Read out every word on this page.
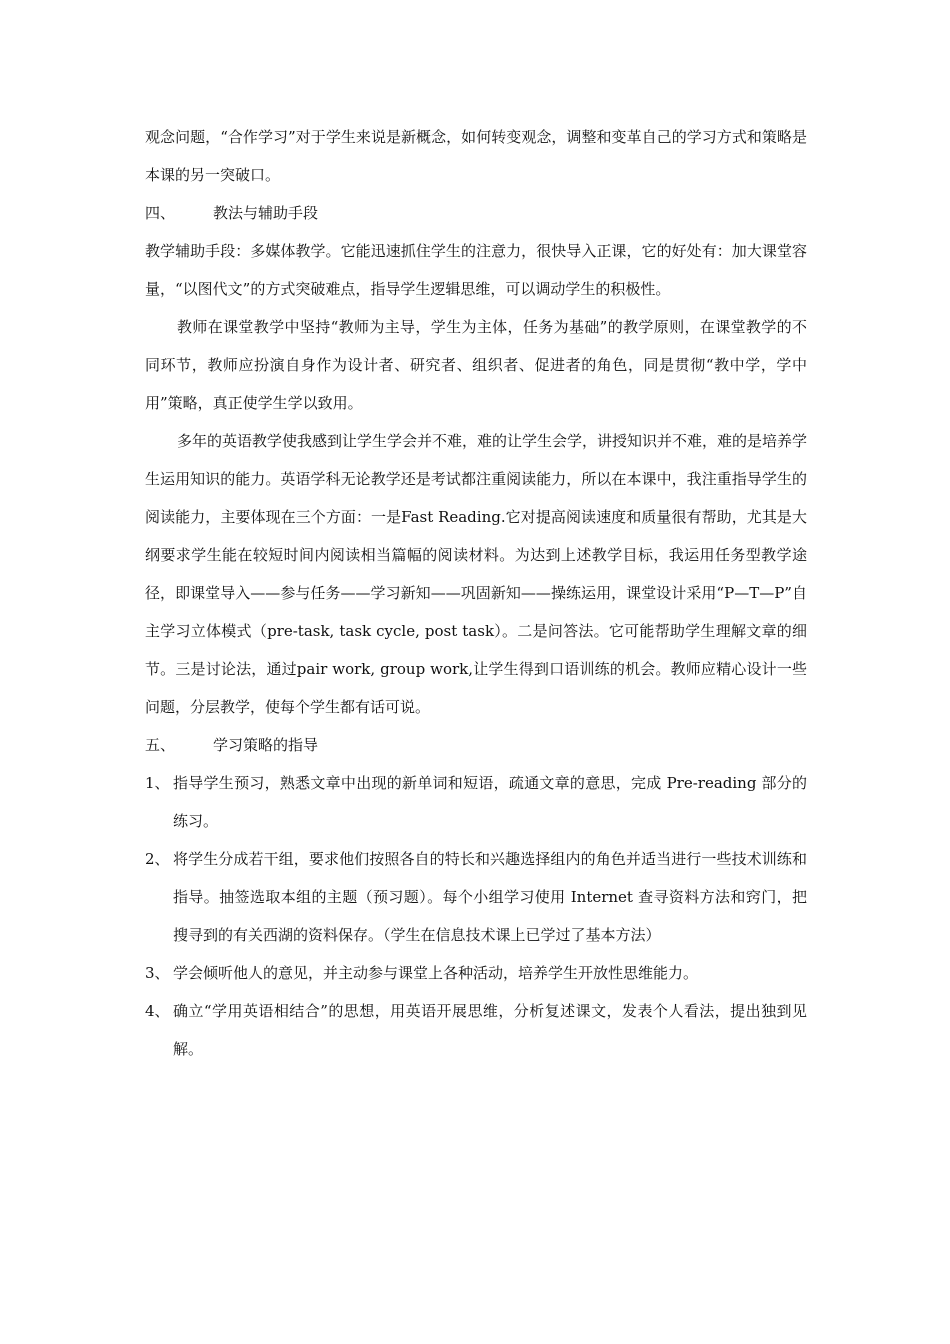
观念问题，“合作学习”对于学生来说是新概念，如何转变观念，调整和变革自己的学习方式和策略是本课的另一突破口。

四、	教法与辅助手段

教学辅助手段：多媒体教学。它能迅速抓住学生的注意力，很快导入正课，它的好处有：加大课堂容量，“以图代文”的方式突破难点，指导学生逻辑思维，可以调动学生的积极性。

教师在课堂教学中坚持“教师为主导，学生为主体，任务为基础”的教学原则，在课堂教学的不同环节，教师应扮演自身作为设计者、研究者、组织者、促进者的角色，同是贯彻“教中学，学中用”策略，真正使学生学以致用。

多年的英语教学使我感到让学生学会并不难，难的让学生会学，讲授知识并不难，难的是培养学生运用知识的能力。英语学科无论教学还是考试都注重阅读能力，所以在本课中，我注重指导学生的阅读能力，主要体现在三个方面：一是Fast Reading.它对提高阅读速度和质量很有帮助，尤其是大纲要求学生能在较短时间内阅读相当篇幅的阅读材料。为达到上述教学目标，我运用任务型教学途径，即课堂导入——参与任务——学习新知——巩固新知——操练运用，课堂设计采用“P—T—P”自主学习立体模式（pre-task, task cycle, post task）。二是问答法。它可能帮助学生理解文章的细节。三是讨论法，通过pair work, group work,让学生得到口语训练的机会。教师应精心设计一些问题，分层教学，使每个学生都有话可说。

五、	学习策略的指导
1、 指导学生预习，熟悉文章中出现的新单词和短语，疏通文章的意思，完成 Pre-reading 部分的练习。
2、 将学生分成若干组，要求他们按照各自的特长和兴趣选择组内的角色并适当进行一些技术训练和指导。抽签选取本组的主题（预习题）。每个小组学习使用 Internet 查寻资料方法和窍门，把搜寻到的有关西湖的资料保存。（学生在信息技术课上已学过了基本方法）
3、 学会倾听他人的意见，并主动参与课堂上各种活动，培养学生开放性思维能力。
4、 确立“学用英语相结合”的思想，用英语开展思维，分析复述课文，发表个人看法，提出独到见解。
